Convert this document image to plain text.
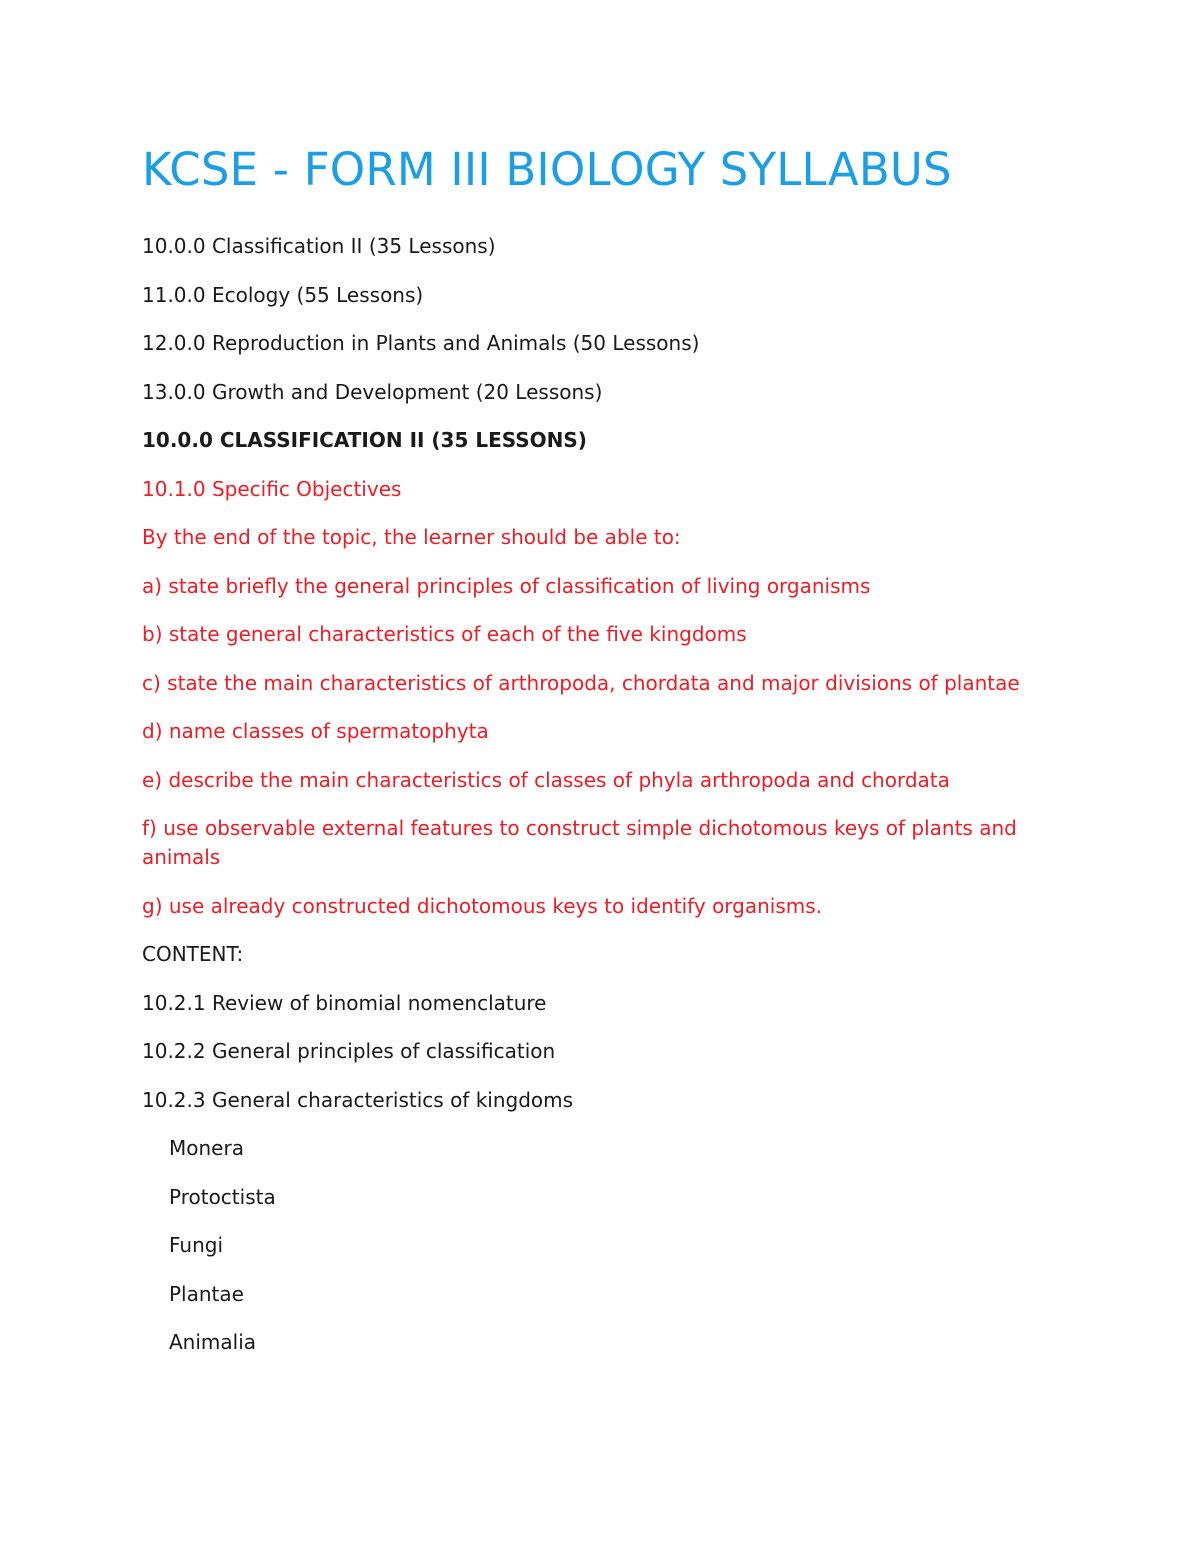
KCSE - FORM III BIOLOGY SYLLABUS
10.0.0 Classification II (35 Lessons)
11.0.0 Ecology (55 Lessons)
12.0.0 Reproduction in Plants and Animals (50 Lessons)
13.0.0 Growth and Development (20 Lessons)
10.0.0 CLASSIFICATION II (35 LESSONS)
10.1.0 Specific Objectives
By the end of the topic, the learner should be able to:
a) state briefly the general principles of classification of living organisms
b) state general characteristics of each of the five kingdoms
c) state the main characteristics of arthropoda, chordata and major divisions of plantae
d) name classes of spermatophyta
e) describe the main characteristics of classes of phyla arthropoda and chordata
f) use observable external features to construct simple dichotomous keys of plants and animals
g) use already constructed dichotomous keys to identify organisms.
CONTENT:
10.2.1 Review of binomial nomenclature
10.2.2 General principles of classification
10.2.3 General characteristics of kingdoms
Monera
Protoctista
Fungi
Plantae
Animalia
